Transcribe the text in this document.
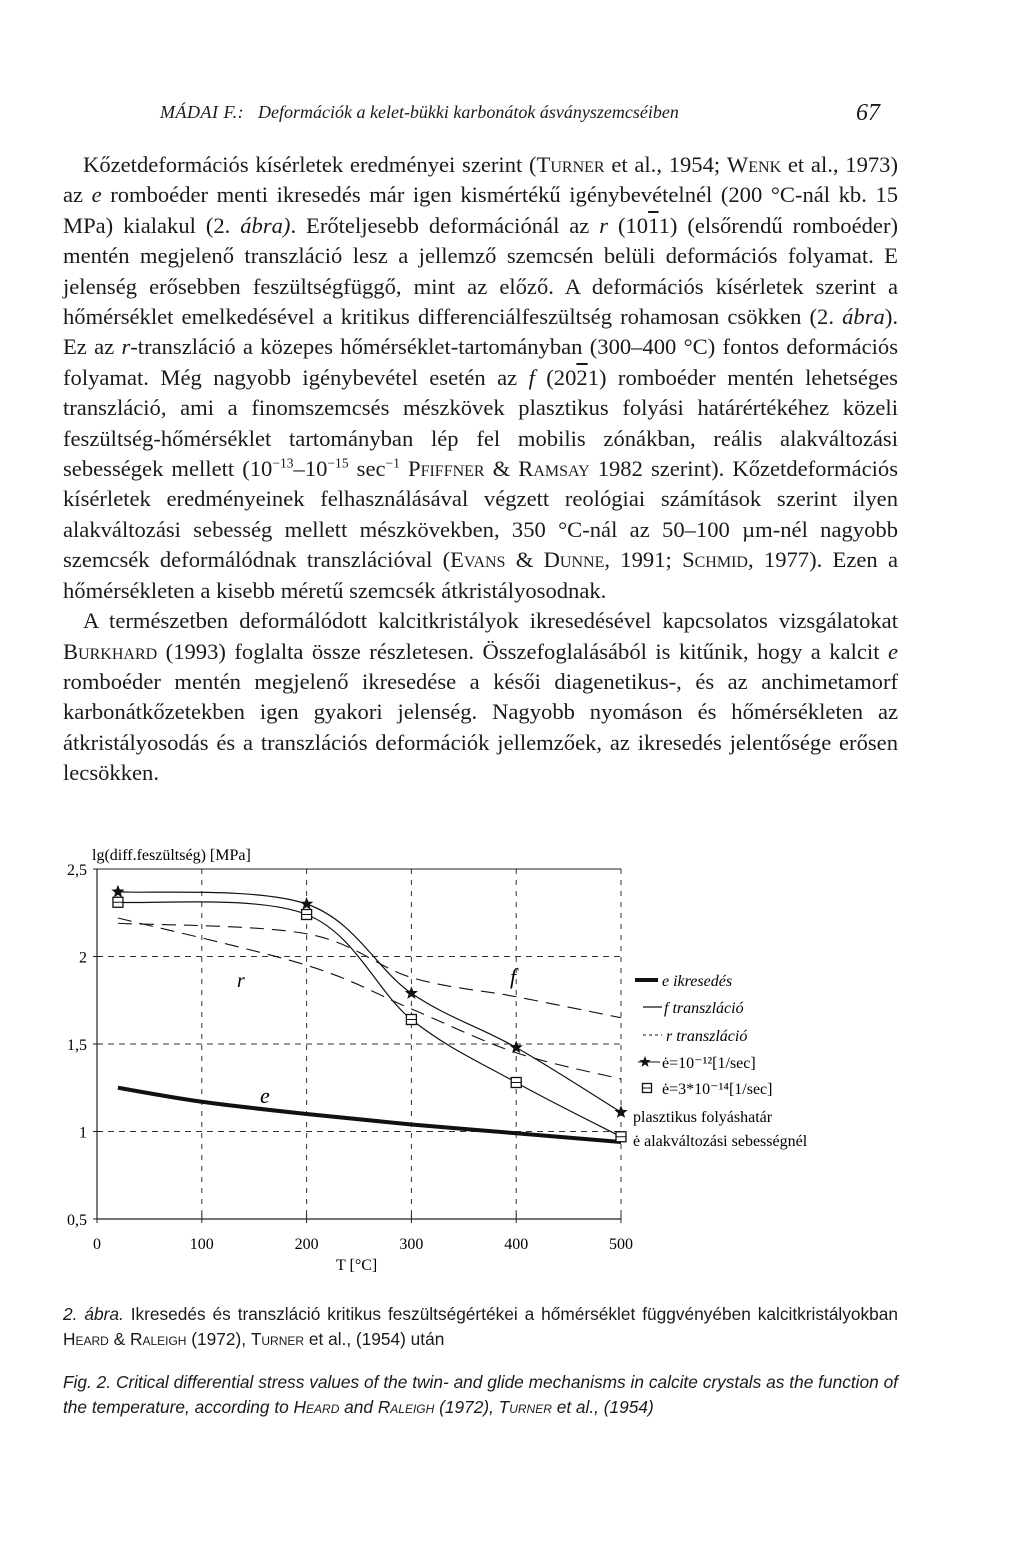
MÁDAI F.: Deformációk a kelet-bükki karbonátok ásványszemcséiben	67

Kőzetdeformációs kísérletek eredményei szerint (Turner et al., 1954; Wenk et al., 1973) az e romboéder menti ikresedés már igen kismértékű igénybevételnél (200 °C-nál kb. 15 MPa) kialakul (2. ábra). Erőteljesebb deformációnál az r (1011) (elsőrendű romboéder) mentén megjelenő transzláció lesz a jellemző szemcsén belüli deformációs folyamat. E jelenség erősebben feszültségfüggő, mint az előző. A deformációs kísérletek szerint a hőmérséklet emelkedésével a kritikus differenciálfeszültség rohamosan csökken (2. ábra). Ez az r-transzláció a közepes hőmérséklet-tartományban (300–400 °C) fontos deformációs folyamat. Még nagyobb igénybevétel esetén az f (2021) romboéder mentén lehetséges transzláció, ami a finomszemcsés mészkövek plasztikus folyási határértékéhez közeli feszültség-hőmérséklet tartományban lép fel mobilis zónákban, reális alakváltozási sebességek mellett ($10^{-13}-10^{-15}$ $\sec^{-1}$ Pfiffner & Ramsay 1982 szerint). Kőzetdeformációs kísérletek eredményeinek felhasználásával végzett reológiai számítások szerint ilyen alakváltozási sebesség mellett mészkövekben, 350 °C-nál az 50–100 µm-nél nagyobb szemcsék deformálódnak transzlációval (Evans & Dunne, 1991; Schmid, 1977). Ezen a hőmérsékleten a kisebb méretű szemcsék átkristályosodnak.

A természetben deformálódott kalcitkristályok ikresedésével kapcsolatos vizsgálatokat Burkhard (1993) foglalta össze részletesen. Összefoglalásából is kitűnik, hogy a kalcit e romboéder mentén megjelenő ikresedése a késői diagenetikus-, és az anchimetamorf karbonátkőzetekben igen gyakori jelenség. Nagyobb nyomáson és hőmérsékleten az átkristályosodás és a transzlációs deformációk jellemzőek, az ikresedés jelentősége erősen lecsökken.

2,5
2
1,5
1
0,5
0	100	200	300	400	500
lg(diff.feszültség) [MPa]
T [°C]
r	f
e
e ikresedés
f transzláció
r transzláció
ė=10⁻¹²[1/sec]
ė=3*10⁻¹⁴[1/sec]
plasztikus folyáshatár
ė alakváltozási sebességnél
2. ábra. Ikresedés és transzláció kritikus feszültségértékei a hőmérséklet függvényében kalcitkristályokban Heard & Raleigh (1972), Turner et al., (1954) után
Fig. 2. Critical differential stress values of the twin- and glide mechanisms in calcite crystals as the function of the temperature, according to Heard and Raleigh (1972), Turner et al., (1954)
